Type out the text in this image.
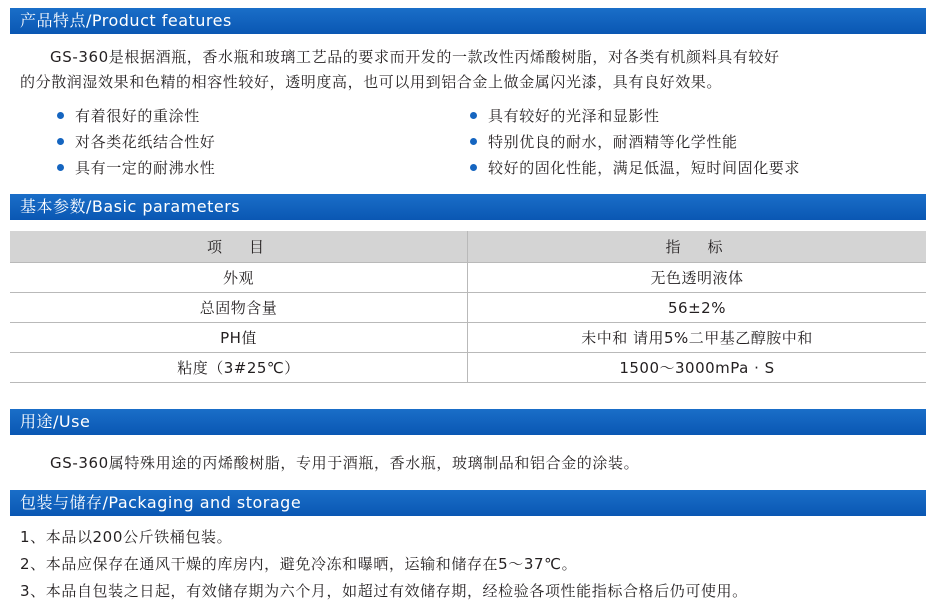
产品特点/Product features
GS-360是根据酒瓶，香水瓶和玻璃工艺品的要求而开发的一款改性丙烯酸树脂，对各类有机颜料具有较好
的分散润湿效果和色精的相容性较好，透明度高，也可以用到铝合金上做金属闪光漆，具有良好效果。
有着很好的重涂性
对各类花纸结合性好
具有一定的耐沸水性
具有较好的光泽和显影性
特别优良的耐水，耐酒精等化学性能
较好的固化性能，满足低温，短时间固化要求
基本参数/Basic parameters
项　目	指　标
外观	无色透明液体
总固物含量	56±2%
PH值	未中和 请用5%二甲基乙醇胺中和
粘度（3#25℃）	1500～3000mPa · S
用途/Use
GS-360属特殊用途的丙烯酸树脂，专用于酒瓶，香水瓶，玻璃制品和铝合金的涂装。
包装与储存/Packaging and storage
1、本品以200公斤铁桶包装。
2、本品应保存在通风干燥的库房内，避免冷冻和曝晒，运输和储存在5～37℃。
3、本品自包装之日起，有效储存期为六个月，如超过有效储存期，经检验各项性能指标合格后仍可使用。
